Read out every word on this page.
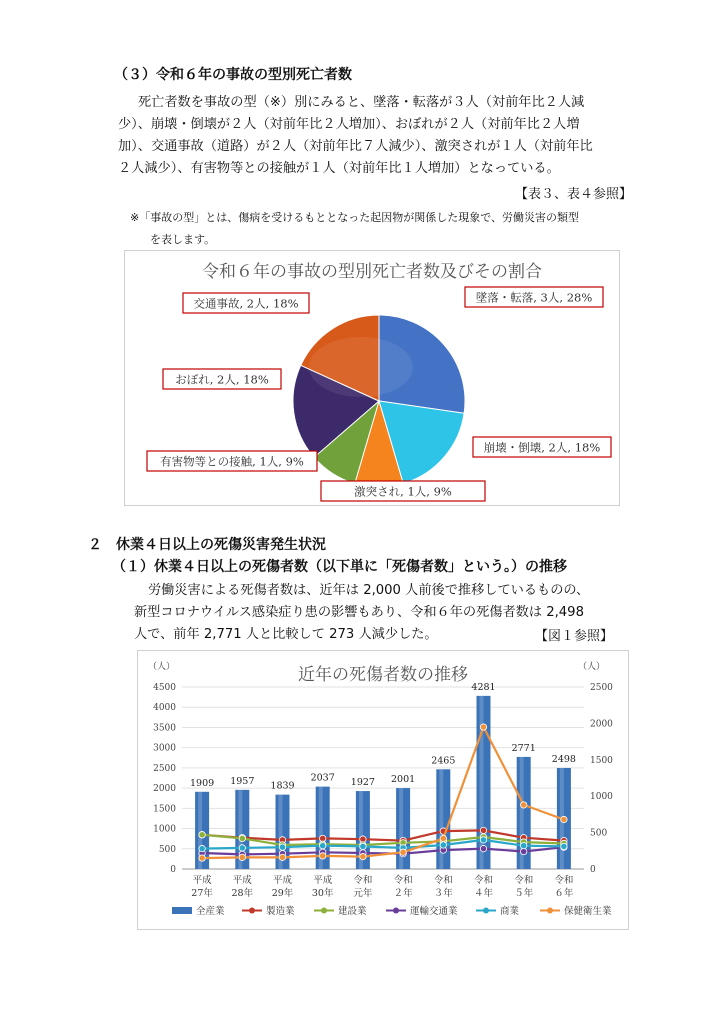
（３）令和６年の事故の型別死亡者数
死亡者数を事故の型（※）別にみると、墜落・転落が３人（対前年比２人減
少）、崩壊・倒壊が２人（対前年比２人増加）、おぼれが２人（対前年比２人増
加）、交通事故（道路）が２人（対前年比７人減少）、激突されが１人（対前年比
２人減少）、有害物等との接触が１人（対前年比１人増加）となっている。
【表３、表４参照】
※「事故の型」とは、傷病を受けるもととなった起因物が関係した現象で、労働災害の類型
を表します。
令和６年の事故の型別死亡者数及びその割合
墜落・転落, 3人, 28%
崩壊・倒壊, 2人, 18%
激突され, 1人, 9%
有害物等との接触, 1人, 9%
おぼれ, 2人, 18%
交通事故, 2人, 18%
２　休業４日以上の死傷災害発生状況
（１）休業４日以上の死傷者数（以下単に「死傷者数」という。）の推移
労働災害による死傷者数は、近年は 2,000 人前後で推移しているものの、
新型コロナウイルス感染症り患の影響もあり、令和６年の死傷者数は 2,498
人で、前年 2,771 人と比較して 273 人減少した。	【図１参照】
近年の死傷者数の推移
（人）	（人）
0
500
1000
1500
2000
2500
3000
3500
4000
4500
0
500
1000
1500
2000
2500
1909 1957 1839
2037 1927 2001
2465
4281
2771
2498
平成
27年
平成
28年
平成
29年
平成
30年
令和
元年
令和
２年
令和
３年
令和
４年
令和
５年
令和
６年
全産業	製造業	建設業	運輸交通業	商業	保健衛生業
